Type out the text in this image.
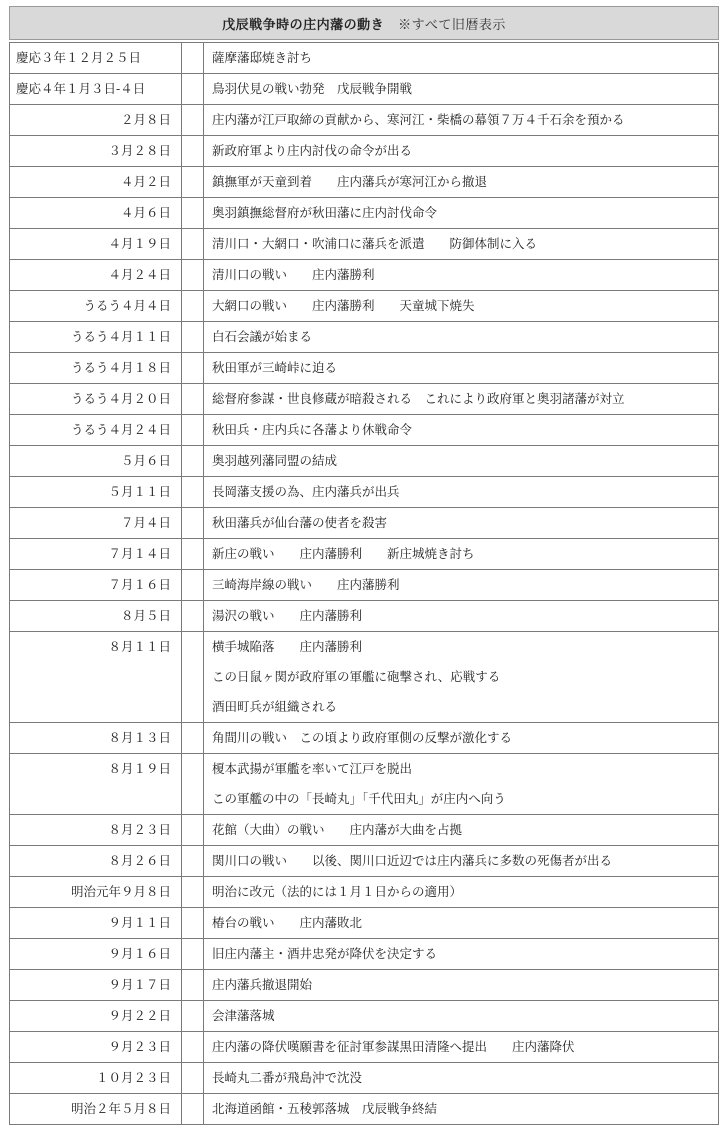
戊辰戦争時の庄内藩の動き ※すべて旧暦表示
慶応３年１２月２５日		薩摩藩邸焼き討ち

慶応４年１月３日‐４日		鳥羽伏見の戦い勃発　戊辰戦争開戦

２月８日		庄内藩が江戸取締の貢献から、寒河江・柴橋の幕領７万４千石余を預かる

３月２８日		新政府軍より庄内討伐の命令が出る

４月２日		鎮撫軍が天童到着　　庄内藩兵が寒河江から撤退

４月６日		奥羽鎮撫総督府が秋田藩に庄内討伐命令

４月１９日		清川口・大網口・吹浦口に藩兵を派遣　　防御体制に入る

４月２４日		清川口の戦い　　庄内藩勝利

うるう４月４日		大網口の戦い　　庄内藩勝利　　天童城下焼失

うるう４月１１日		白石会議が始まる

うるう４月１８日		秋田軍が三崎峠に迫る

うるう４月２０日		総督府参謀・世良修蔵が暗殺される　これにより政府軍と奥羽諸藩が対立

うるう４月２４日		秋田兵・庄内兵に各藩より休戦命令

５月６日		奥羽越列藩同盟の結成

５月１１日		長岡藩支援の為、庄内藩兵が出兵

７月４日		秋田藩兵が仙台藩の使者を殺害

７月１４日		新庄の戦い　　庄内藩勝利　　新庄城焼き討ち

７月１６日		三崎海岸線の戦い　　庄内藩勝利

８月５日		湯沢の戦い　　庄内藩勝利

８月１１日		横手城陥落　　庄内藩勝利
この日鼠ヶ関が政府軍の軍艦に砲撃され、応戦する
酒田町兵が組織される

８月１３日		角間川の戦い　この頃より政府軍側の反撃が激化する

８月１９日		榎本武揚が軍艦を率いて江戸を脱出
この軍艦の中の「長崎丸」「千代田丸」が庄内へ向う

８月２３日		花館（大曲）の戦い　　庄内藩が大曲を占拠

８月２６日		関川口の戦い　　以後、関川口近辺では庄内藩兵に多数の死傷者が出る

明治元年９月８日		明治に改元（法的には１月１日からの適用）

９月１１日		椿台の戦い　　庄内藩敗北

９月１６日		旧庄内藩主・酒井忠発が降伏を決定する

９月１７日		庄内藩兵撤退開始

９月２２日		会津藩落城

９月２３日		庄内藩の降伏嘆願書を征討軍参謀黒田清隆へ提出　　庄内藩降伏

１０月２３日		長崎丸二番が飛島沖で沈没

明治２年５月８日		北海道函館・五稜郭落城　戊辰戦争終結
